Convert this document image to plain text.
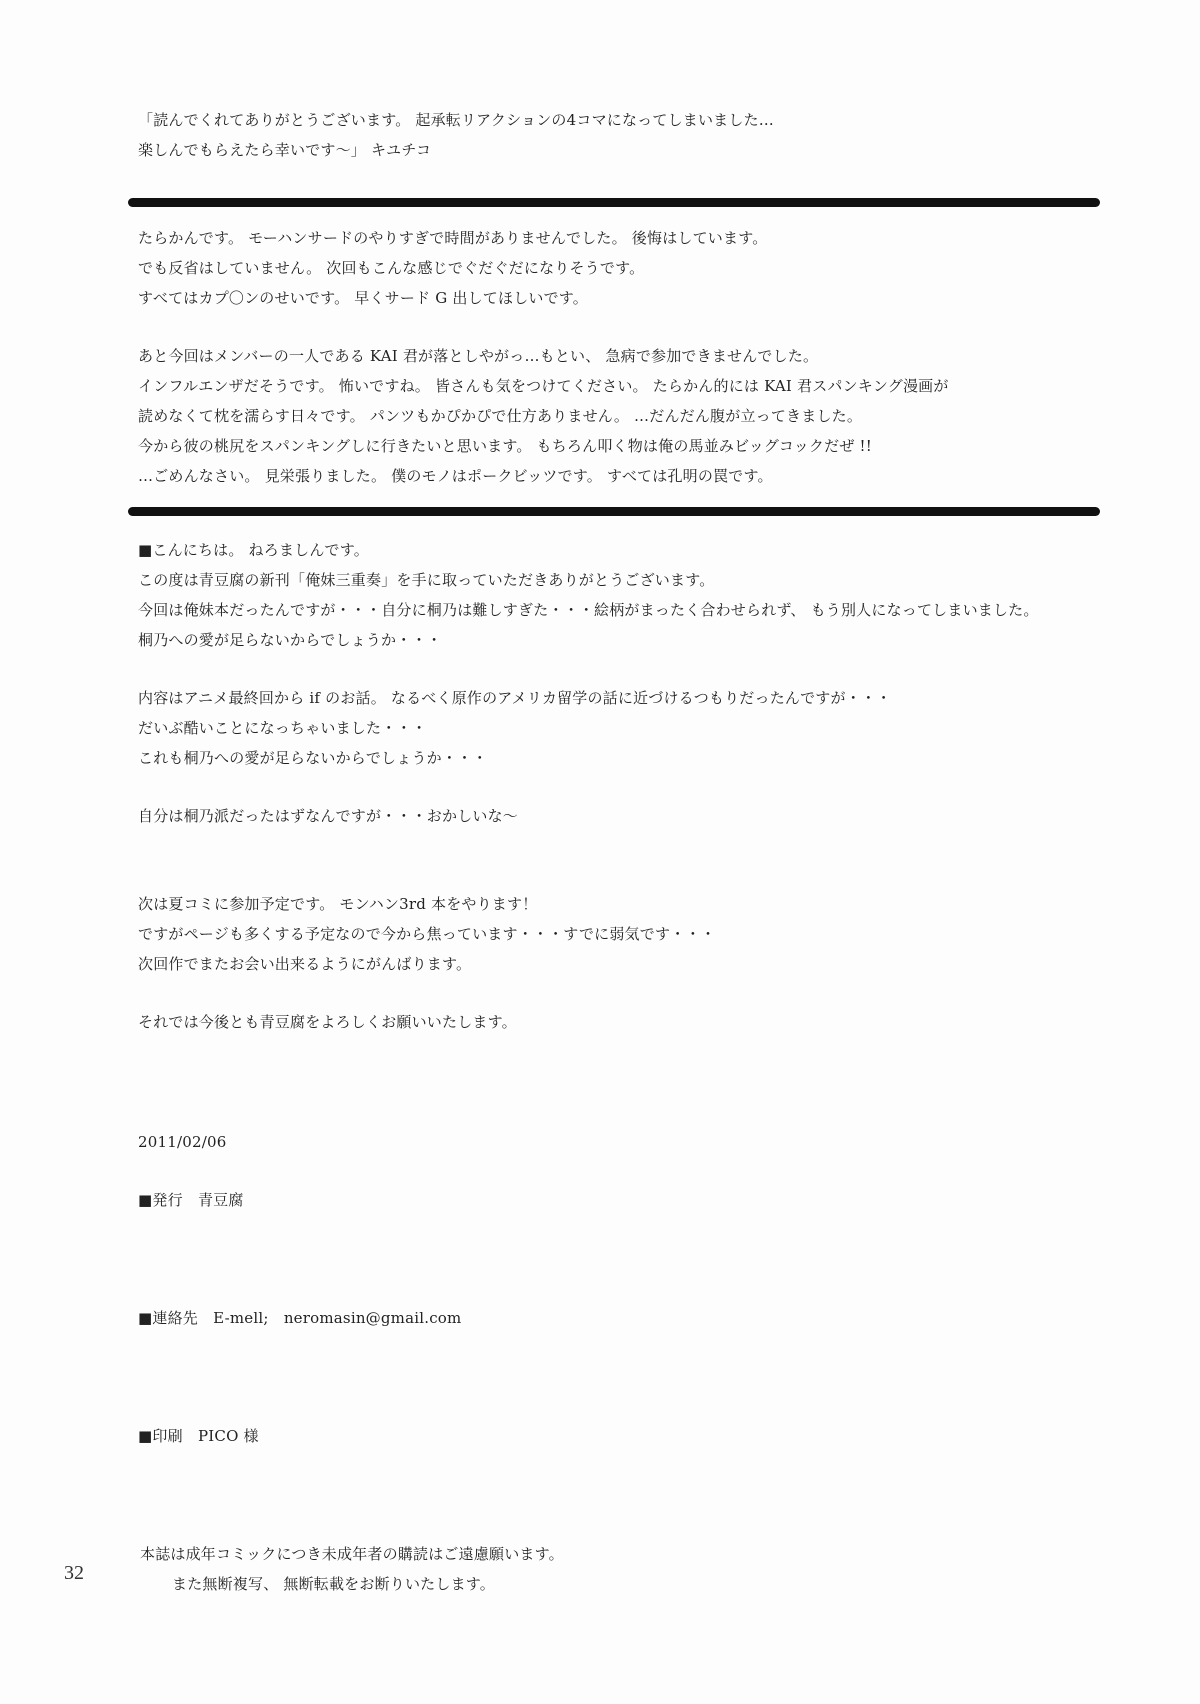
「読んでくれてありがとうございます。 起承転リアクションの4コマになってしまいました…
楽しんでもらえたら幸いです〜」 キユチコ
たらかんです。 モーハンサードのやりすぎで時間がありませんでした。 後悔はしています。
でも反省はしていません。 次回もこんな感じでぐだぐだになりそうです。
すべてはカプ〇ンのせいです。 早くサード G 出してほしいです。
あと今回はメンバーの一人である KAI 君が落としやがっ…もとい、 急病で参加できませんでした。
インフルエンザだそうです。 怖いですね。 皆さんも気をつけてください。 たらかん的には KAI 君スパンキング漫画が
読めなくて枕を濡らす日々です。 パンツもかぴかぴで仕方ありません。 …だんだん腹が立ってきました。
今から彼の桃尻をスパンキングしに行きたいと思います。 もちろん叩く物は俺の馬並みビッグコックだぜ !!
…ごめんなさい。 見栄張りました。 僕のモノはポークビッツです。 すべては孔明の罠です。
■こんにちは。 ねろましんです。
この度は青豆腐の新刊「俺妹三重奏」を手に取っていただきありがとうございます。
今回は俺妹本だったんですが・・・自分に桐乃は難しすぎた・・・絵柄がまったく合わせられず、 もう別人になってしまいました。
桐乃への愛が足らないからでしょうか・・・
内容はアニメ最終回から if のお話。 なるべく原作のアメリカ留学の話に近づけるつもりだったんですが・・・
だいぶ酷いことになっちゃいました・・・
これも桐乃への愛が足らないからでしょうか・・・
自分は桐乃派だったはずなんですが・・・おかしいな〜
次は夏コミに参加予定です。 モンハン3rd 本をやります！
ですがページも多くする予定なので今から焦っています・・・すでに弱気です・・・
次回作でまたお会い出来るようにがんばります。
それでは今後とも青豆腐をよろしくお願いいたします。
2011/02/06
■発行　青豆腐
■連絡先　E-mell;　neromasin@gmail.com
■印刷　PICO 様
本誌は成年コミックにつき未成年者の購読はご遠慮願います。
また無断複写、 無断転載をお断りいたします。
32
